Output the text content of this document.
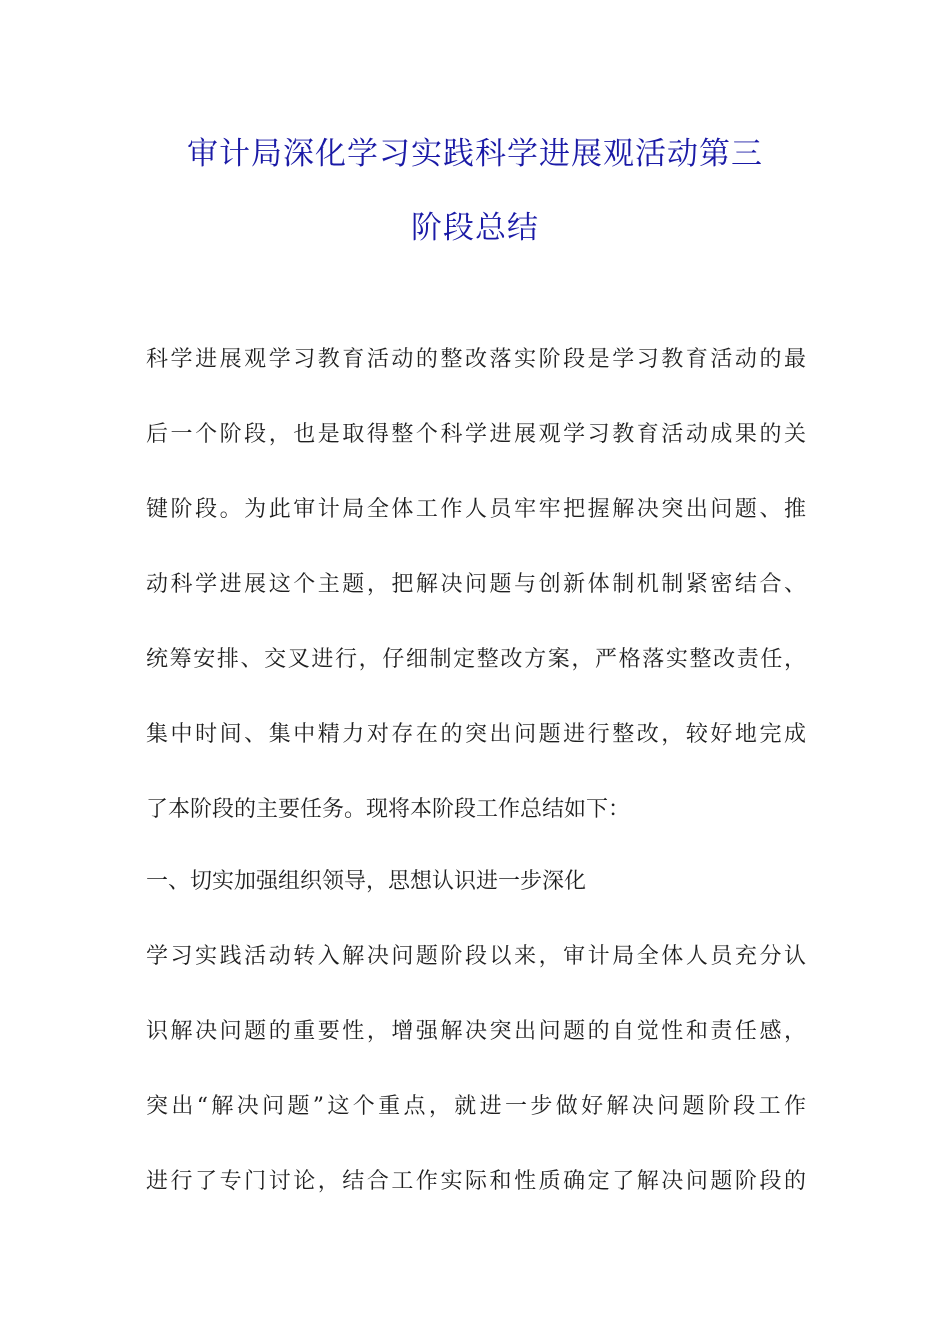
审计局深化学习实践科学进展观活动第三
阶段总结

科学进展观学习教育活动的整改落实阶段是学习教育活动的最

后一个阶段，也是取得整个科学进展观学习教育活动成果的关

键阶段。为此审计局全体工作人员牢牢把握解决突出问题、推

动科学进展这个主题，把解决问题与创新体制机制紧密结合、

统筹安排、交叉进行，仔细制定整改方案，严格落实整改责任，

集中时间、集中精力对存在的突出问题进行整改，较好地完成

了本阶段的主要任务。现将本阶段工作总结如下：

一、切实加强组织领导，思想认识进一步深化

学习实践活动转入解决问题阶段以来，审计局全体人员充分认

识解决问题的重要性，增强解决突出问题的自觉性和责任感，

突出“解决问题”这个重点，就进一步做好解决问题阶段工作

进行了专门讨论，结合工作实际和性质确定了解决问题阶段的
